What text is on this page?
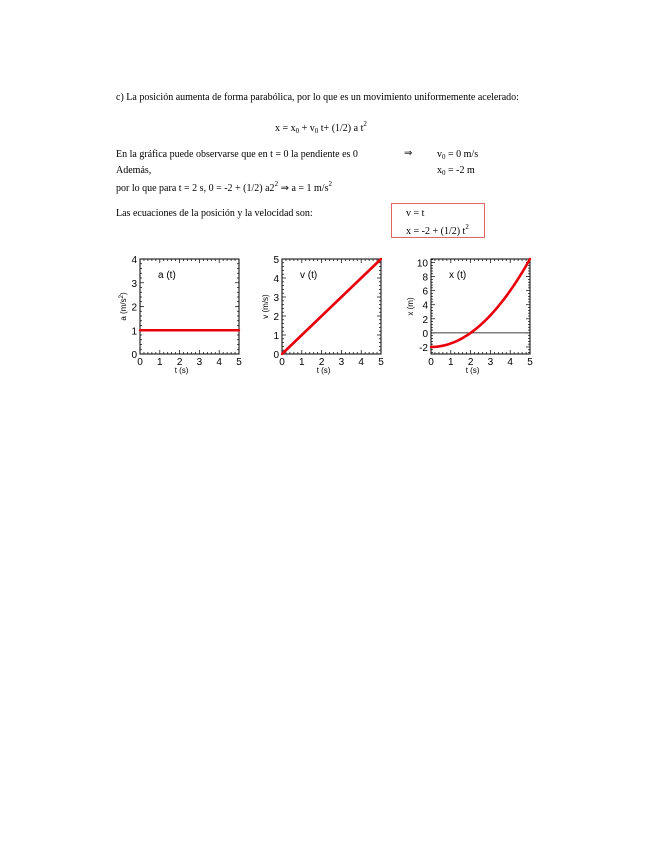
c) La posición aumenta de forma parabólica, por lo que es un movimiento uniformemente acelerado:
$x = x_0 + v_0$ t+ (1/2) a $t^2$
En la gráfica puede observarse que en t = 0 la pendiente es 0	⇒ $v_0 = 0$ m/s
Además,	$x_0 = -2$ m
por lo que para t = 2 s, 0 = -2 + (1/2) $a2^2$ ⇒ a = 1 $m/s^2$
Las ecuaciones de la posición y la velocidad son:	v = t
x = -2 + (1/2) $t^2$
0 1 2 3 4 5
0
1
2
3
4
t (s)
a $(m/s^2)$
a (t)
0 1 2 3 4 5
0
1
2
3
4
5
t (s)
v (m/s)
v (t)
0 1 2 3 4 5
-2
0
2
4
6
8
10
t (s)
x (m)
x (t)
